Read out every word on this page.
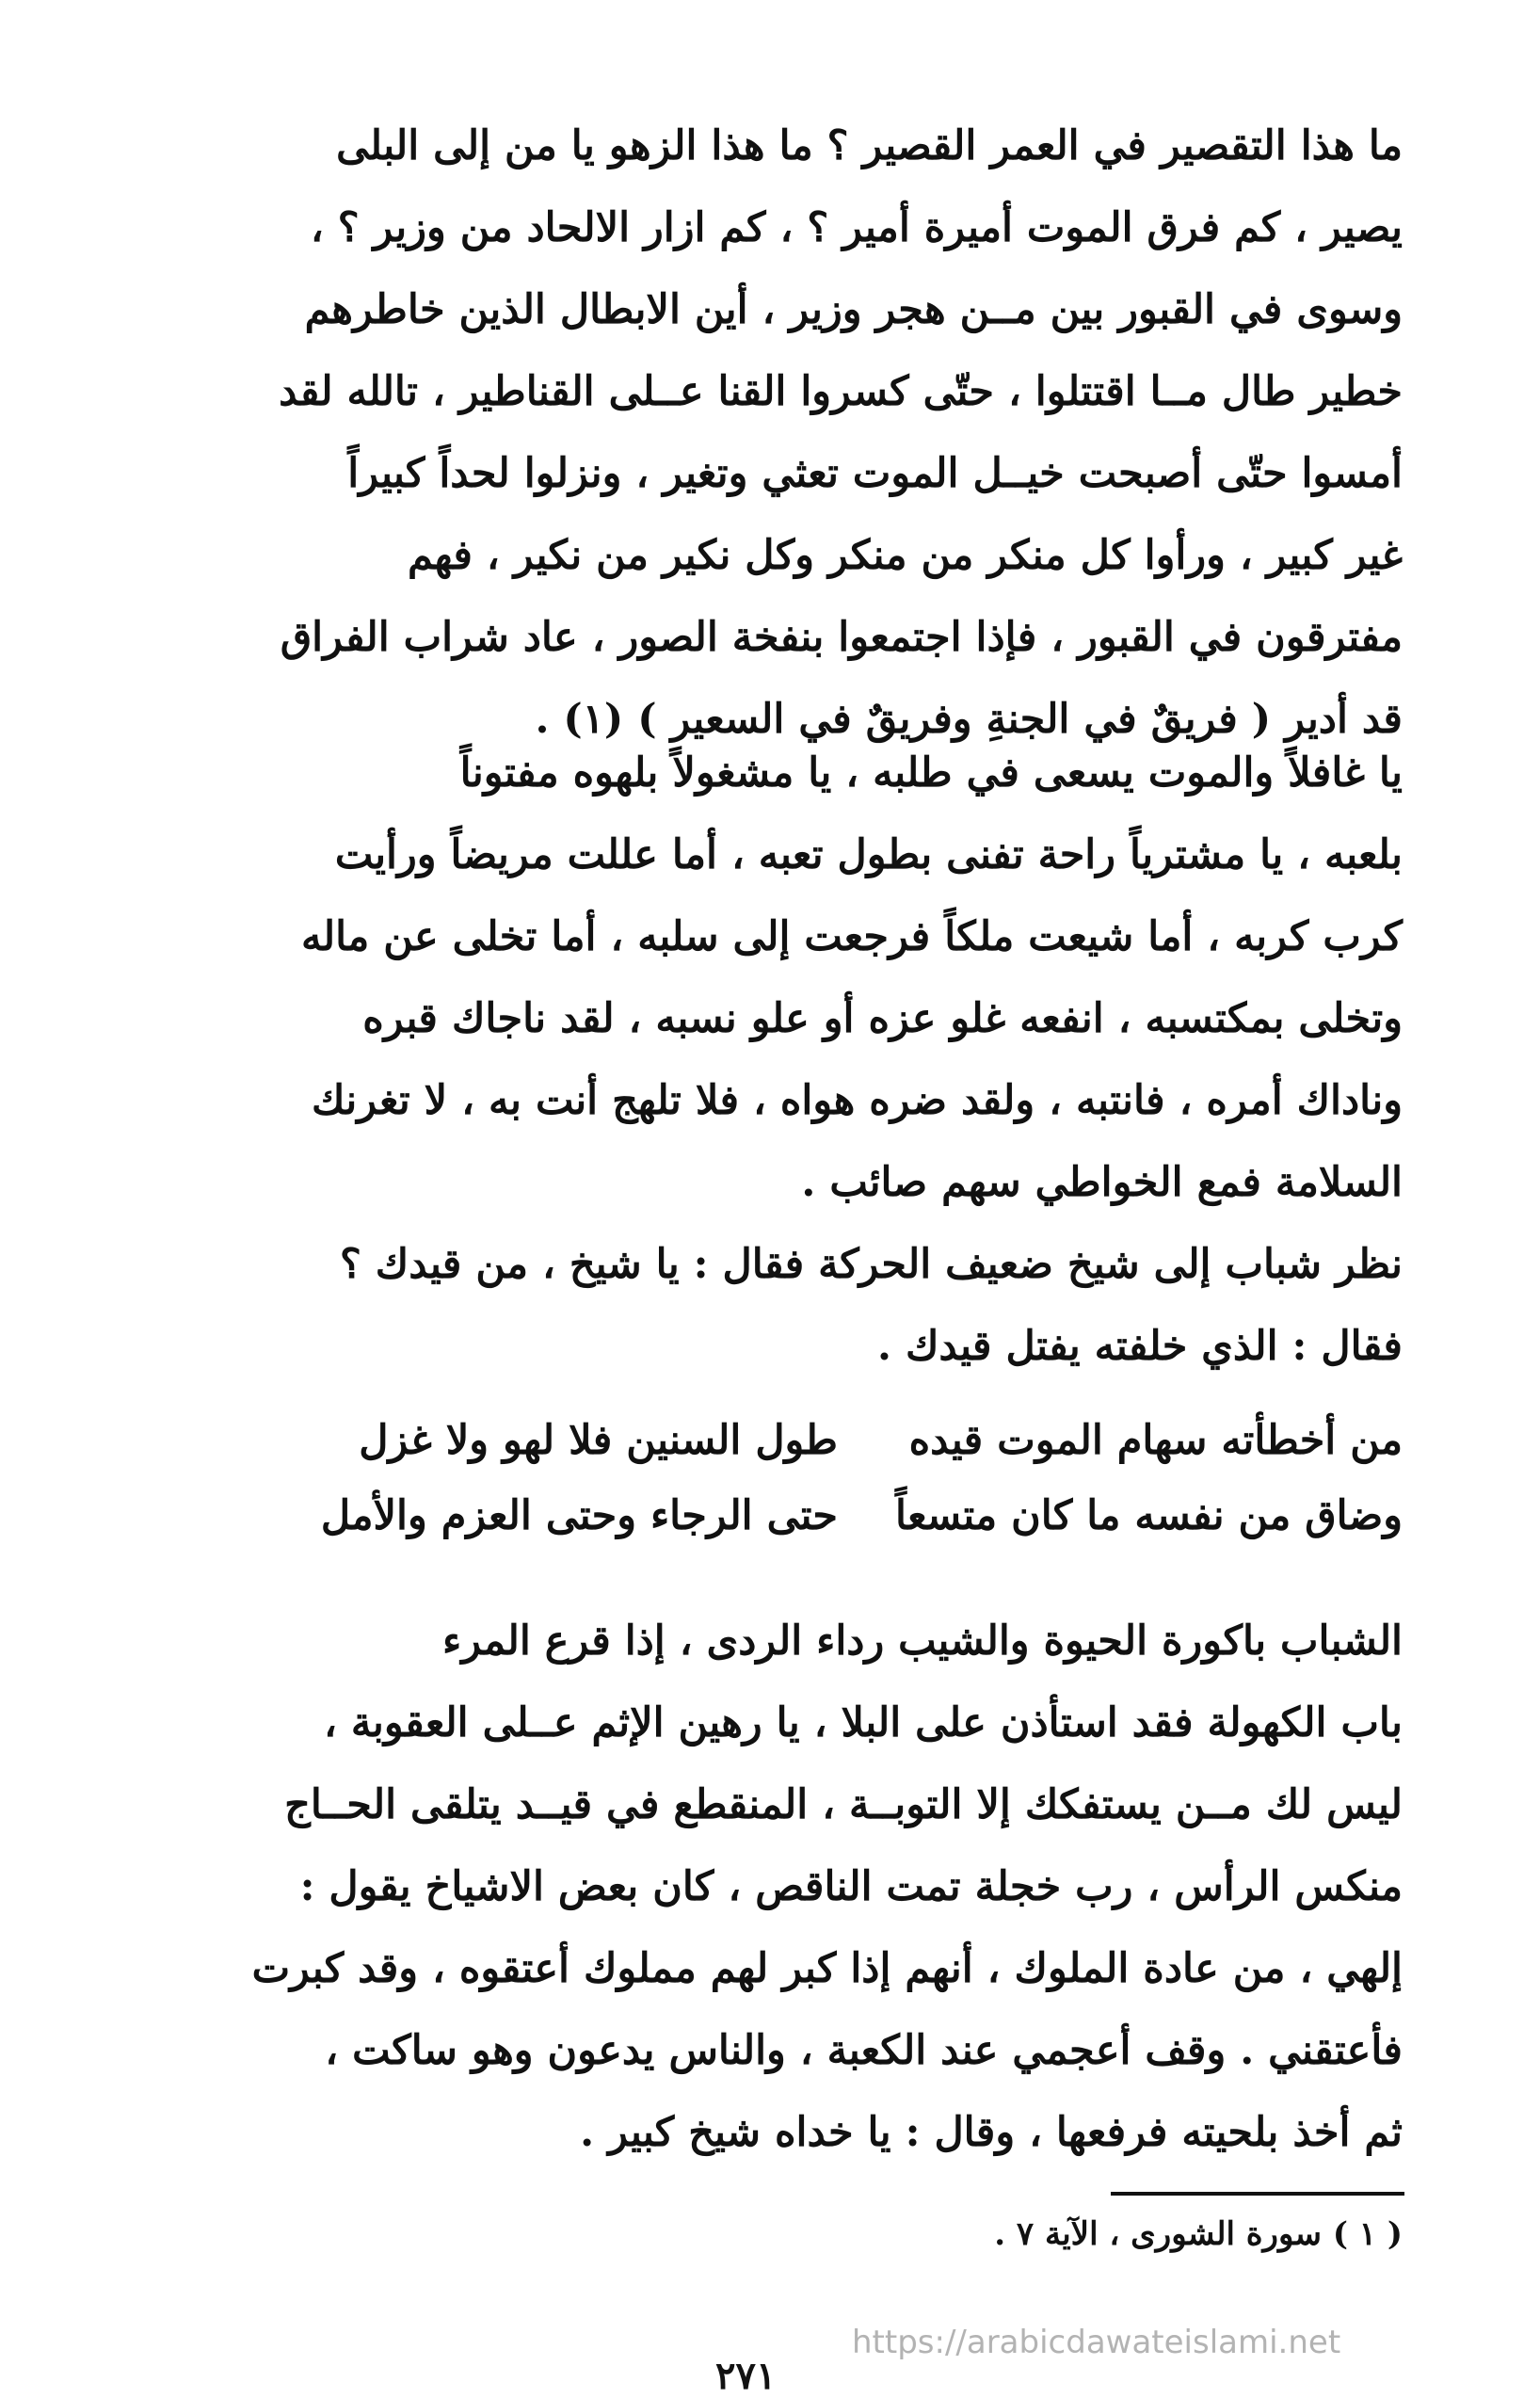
ما هذا التقصير في العمر القصير ؟ ما هذا الزهو يا من إلى البلى
يصير ، كم فرق الموت أميرة أمير ؟ ، كم ازار الالحاد من وزير ؟ ،
وسوى في القبور بين مــن هجر وزير ، أين الابطال الذين خاطرهم
خطير طال مــا اقتتلوا ، حتّى كسروا القنا عــلى القناطير ، تالله لقد
أمسوا حتّى أصبحت خيــل الموت تعثي وتغير ، ونزلوا لحداً كبيراً
غير كبير ، ورأوا كل منكر من منكر وكل نكير من نكير ، فهم
مفترقون في القبور ، فإذا اجتمعوا بنفخة الصور ، عاد شراب الفراق
قد أدير ( فريقٌ في الجنةِ وفريقٌ في السعير ) (١) .

يا غافلاً والموت يسعى في طلبه ، يا مشغولاً بلهوه مفتوناً
بلعبه ، يا مشترياً راحة تفنى بطول تعبه ، أما عللت مريضاً ورأيت
كرب كربه ، أما شيعت ملكاً فرجعت إلى سلبه ، أما تخلى عن ماله
وتخلى بمكتسبه ، انفعه غلو عزه أو علو نسبه ، لقد ناجاك قبره
وناداك أمره ، فانتبه ، ولقد ضره هواه ، فلا تلهج أنت به ، لا تغرنك
السلامة فمع الخواطي سهم صائب .

نظر شباب إلى شيخ ضعيف الحركة فقال : يا شيخ ، من قيدك ؟
فقال : الذي خلفته يفتل قيدك .

من أخطأته سهام الموت قيده
طول السنين فلا لهو ولا غزل
وضاق من نفسه ما كان متسعاً
حتى الرجاء وحتى العزم والأمل

الشباب باكورة الحيوة والشيب رداء الردى ، إذا قرع المرء
باب الكهولة فقد استأذن على البلا ، يا رهين الإثم عــلى العقوبة ،
ليس لك مــن يستفكك إلا التوبــة ، المنقطع في قيــد يتلقى الحــاج
منكس الرأس ، رب خجلة تمت الناقص ، كان بعض الاشياخ يقول :
إلهي ، من عادة الملوك ، أنهم إذا كبر لهم مملوك أعتقوه ، وقد كبرت
فأعتقني . وقف أعجمي عند الكعبة ، والناس يدعون وهو ساكت ،
ثم أخذ بلحيته فرفعها ، وقال : يا خداه شيخ كبير .

( ١ ) سورة الشورى ، الآية ٧ .
https://arabicdawateislami.net
٢٧١
